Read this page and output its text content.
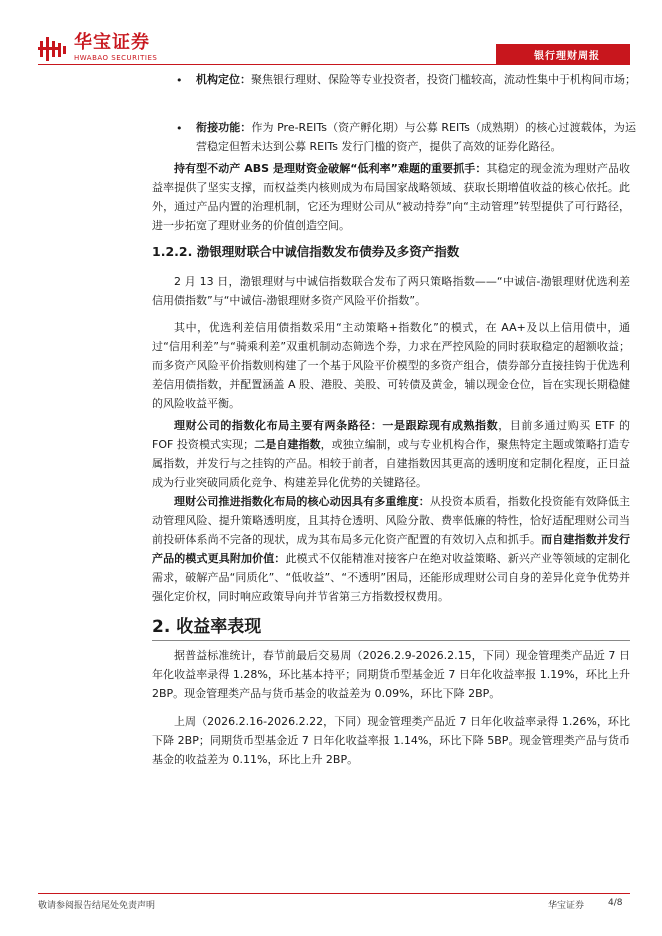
华宝证券
HWABAO SECURITIES	银行理财周报
• 机构定位：聚焦银行理财、保险等专业投资者，投资门槛较高，流动性集中于机构间市场；
• 衔接功能：作为 Pre-REITs（资产孵化期）与公募 REITs（成熟期）的核心过渡载体，为运营稳定但暂未达到公募 REITs 发行门槛的资产，提供了高效的证券化路径。
持有型不动产 ABS 是理财资金破解“低利率”难题的重要抓手：其稳定的现金流为理财产品收益率提供了坚实支撑，而权益类内核则成为布局国家战略领域、获取长期增值收益的核心依托。此外，通过产品内置的治理机制，它还为理财公司从“被动持券”向“主动管理”转型提供了可行路径，进一步拓宽了理财业务的价值创造空间。
1.2.2. 渤银理财联合中诚信指数发布债券及多资产指数
2 月 13 日，渤银理财与中诚信指数联合发布了两只策略指数——“中诚信-渤银理财优选利差信用债指数”与“中诚信-渤银理财多资产风险平价指数”。
其中，优选利差信用债指数采用“主动策略+指数化”的模式，在 AA+及以上信用债中，通过“信用利差”与“骑乘利差”双重机制动态筛选个券，力求在严控风险的同时获取稳定的超额收益；而多资产风险平价指数则构建了一个基于风险平价模型的多资产组合，债券部分直接挂钩于优选利差信用债指数，并配置涵盖 A 股、港股、美股、可转债及黄金，辅以现金仓位，旨在实现长期稳健的风险收益平衡。
理财公司的指数化布局主要有两条路径：一是跟踪现有成熟指数，目前多通过购买 ETF 的 FOF 投资模式实现；二是自建指数，或独立编制，或与专业机构合作，聚焦特定主题或策略打造专属指数，并发行与之挂钩的产品。相较于前者，自建指数因其更高的透明度和定制化程度，正日益成为行业突破同质化竞争、构建差异化优势的关键路径。
理财公司推进指数化布局的核心动因具有多重维度：从投资本质看，指数化投资能有效降低主动管理风险、提升策略透明度，且其持仓透明、风险分散、费率低廉的特性，恰好适配理财公司当前投研体系尚不完备的现状，成为其布局多元化资产配置的有效切入点和抓手。而自建指数并发行产品的模式更具附加价值：此模式不仅能精准对接客户在绝对收益策略、新兴产业等领域的定制化需求，破解产品“同质化”、“低收益”、“不透明”困局，还能形成理财公司自身的差异化竞争优势并强化定价权，同时响应政策导向并节省第三方指数授权费用。
2. 收益率表现
据普益标准统计，春节前最后交易周（2026.2.9-2026.2.15，下同）现金管理类产品近 7 日年化收益率录得 1.28%，环比基本持平；同期货币型基金近 7 日年化收益率报 1.19%，环比上升 2BP。现金管理类产品与货币基金的收益差为 0.09%，环比下降 2BP。
上周（2026.2.16-2026.2.22，下同）现金管理类产品近 7 日年化收益率录得 1.26%，环比下降 2BP；同期货币型基金近 7 日年化收益率报 1.14%，环比下降 5BP。现金管理类产品与货币基金的收益差为 0.11%，环比上升 2BP。
敬请参阅报告结尾处免责声明	华宝证券	4/8
